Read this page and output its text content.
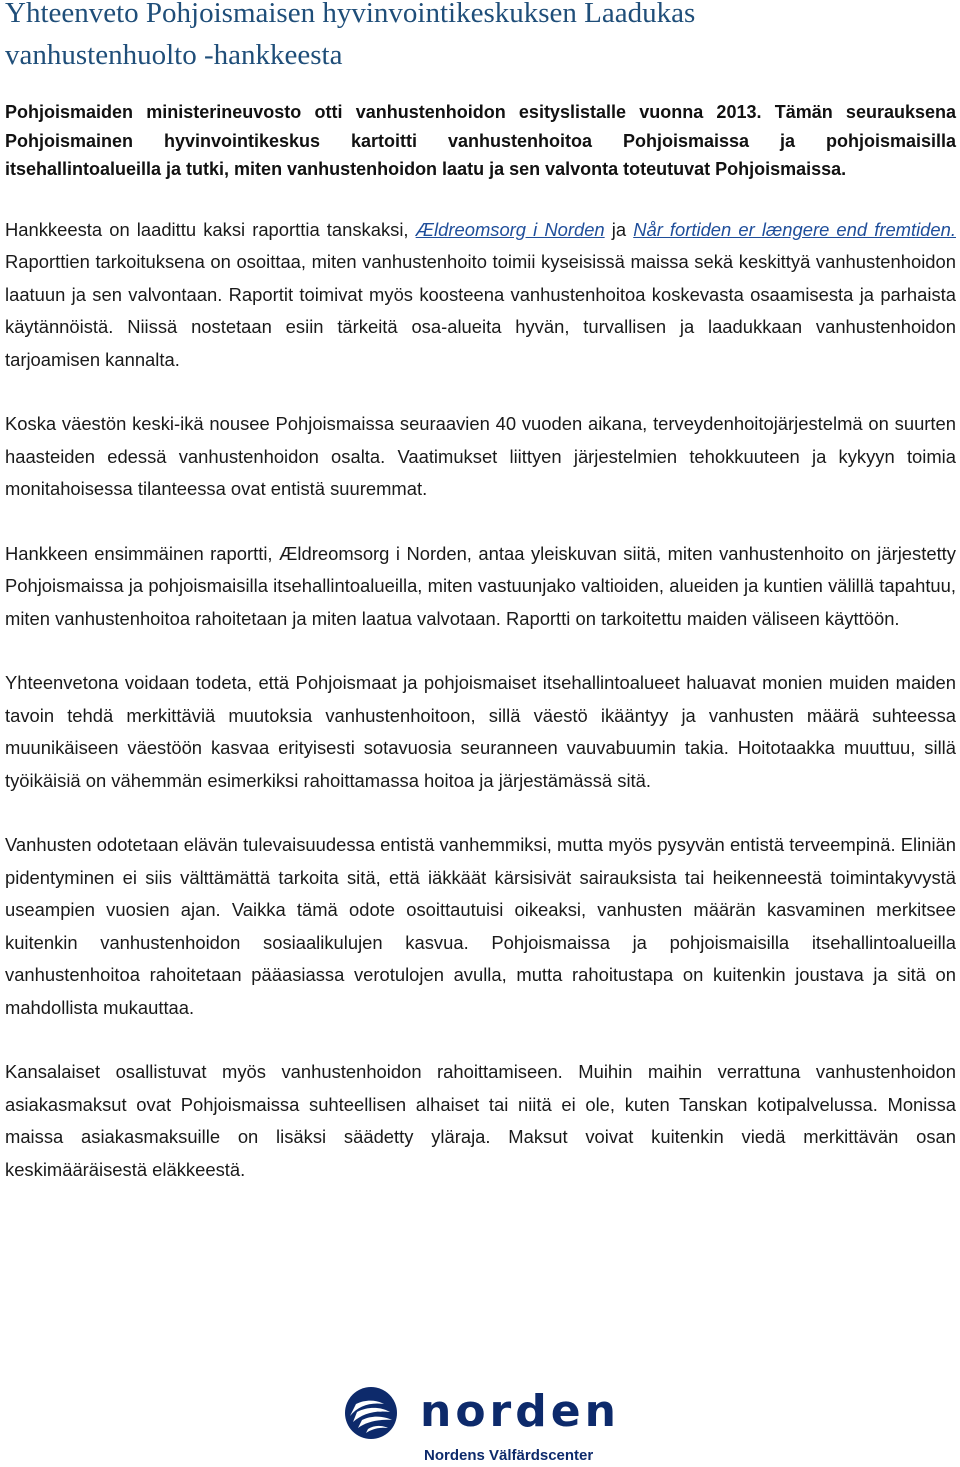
Yhteenveto Pohjoismaisen hyvinvointikeskuksen Laadukas
vanhustenhuolto -hankkeesta

Pohjoismaiden ministerineuvosto otti vanhustenhoidon esityslistalle vuonna 2013. Tämän seurauksena Pohjoismainen hyvinvointikeskus kartoitti vanhustenhoitoa Pohjoismaissa ja pohjoismaisilla itsehallintoalueilla ja tutki, miten vanhustenhoidon laatu ja sen valvonta toteutuvat Pohjoismaissa.

Hankkeesta on laadittu kaksi raporttia tanskaksi, Ældreomsorg i Norden ja Når fortiden er længere end fremtiden. Raporttien tarkoituksena on osoittaa, miten vanhustenhoito toimii kyseisissä maissa sekä keskittyä vanhustenhoidon laatuun ja sen valvontaan. Raportit toimivat myös koosteena vanhustenhoitoa koskevasta osaamisesta ja parhaista käytännöistä. Niissä nostetaan esiin tärkeitä osa-alueita hyvän, turvallisen ja laadukkaan vanhustenhoidon tarjoamisen kannalta.

Koska väestön keski-ikä nousee Pohjoismaissa seuraavien 40 vuoden aikana, terveydenhoitojärjestelmä on suurten haasteiden edessä vanhustenhoidon osalta. Vaatimukset liittyen järjestelmien tehokkuuteen ja kykyyn toimia monitahoisessa tilanteessa ovat entistä suuremmat.

Hankkeen ensimmäinen raportti, Ældreomsorg i Norden, antaa yleiskuvan siitä, miten vanhustenhoito on järjestetty Pohjoismaissa ja pohjoismaisilla itsehallintoalueilla, miten vastuunjako valtioiden, alueiden ja kuntien välillä tapahtuu, miten vanhustenhoitoa rahoitetaan ja miten laatua valvotaan. Raportti on tarkoitettu maiden väliseen käyttöön.

Yhteenvetona voidaan todeta, että Pohjoismaat ja pohjoismaiset itsehallintoalueet haluavat monien muiden maiden tavoin tehdä merkittäviä muutoksia vanhustenhoitoon, sillä väestö ikääntyy ja vanhusten määrä suhteessa muunikäiseen väestöön kasvaa erityisesti sotavuosia seuranneen vauvabuumin takia. Hoitotaakka muuttuu, sillä työikäisiä on vähemmän esimerkiksi rahoittamassa hoitoa ja järjestämässä sitä.

Vanhusten odotetaan elävän tulevaisuudessa entistä vanhemmiksi, mutta myös pysyvän entistä terveempinä. Eliniän pidentyminen ei siis välttämättä tarkoita sitä, että iäkkäät kärsisivät sairauksista tai heikenneestä toimintakyvystä useampien vuosien ajan. Vaikka tämä odote osoittautuisi oikeaksi, vanhusten määrän kasvaminen merkitsee kuitenkin vanhustenhoidon sosiaalikulujen kasvua. Pohjoismaissa ja pohjoismaisilla itsehallintoalueilla vanhustenhoitoa rahoitetaan pääasiassa verotulojen avulla, mutta rahoitustapa on kuitenkin joustava ja sitä on mahdollista mukauttaa.

Kansalaiset osallistuvat myös vanhustenhoidon rahoittamiseen. Muihin maihin verrattuna vanhustenhoidon asiakasmaksut ovat Pohjoismaissa suhteellisen alhaiset tai niitä ei ole, kuten Tanskan kotipalvelussa. Monissa maissa asiakasmaksuille on lisäksi säädetty yläraja. Maksut voivat kuitenkin viedä merkittävän osan keskimääräisestä eläkkeestä.

norden
Nordens Välfärdscenter
